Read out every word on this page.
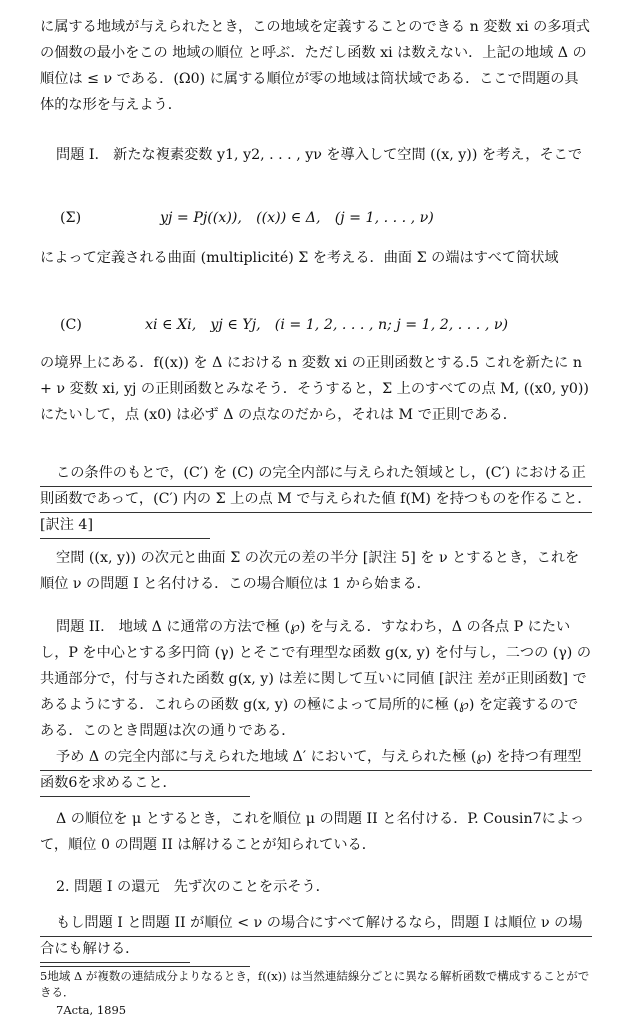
に属する地域が与えられたとき，この地域を定義することのできる n 変数 xi の多項式の個数の最小をこの 地域の順位 と呼ぶ．ただし函数 xi は数えない．上記の地域 Δ の順位は ≤ ν である．(Ω0) に属する順位が零の地域は筒状域である．ここで問題の具体的な形を与えよう．

問題 I.　新たな複素変数 y1, y2, . . . , yν を導入して空間 ((x, y)) を考え，そこで

(Σ)	yj = Pj((x)),　((x)) ∈ Δ,　(j = 1, . . . , ν)

によって定義される曲面 (multiplicité) Σ を考える．曲面 Σ の端はすべて筒状域

(C)	xi ∈ Xi,　yj ∈ Yj,　(i = 1, 2, . . . , n; j = 1, 2, . . . , ν)

の境界上にある．f((x)) を Δ における n 変数 xi の正則函数とする.5 これを新たに n + ν 変数 xi, yj の正則函数とみなそう．そうすると，Σ 上のすべての点 M, ((x0, y0)) にたいして，点 (x0) は必ず Δ の点なのだから，それは M で正則である．

この条件のもとで，(C′) を (C) の完全内部に与えられた領域とし，(C′) における正則函数であって，(C′) 内の Σ 上の点 M で与えられた値 f(M) を持つものを作ること．[訳注 4]

空間 ((x, y)) の次元と曲面 Σ の次元の差の半分 [訳注 5] を ν とするとき，これを 順位 ν の問題 I と名付ける．この場合順位は 1 から始まる．

問題 II.　地域 Δ に通常の方法で極 (℘) を与える．すなわち，Δ の各点 P にたいし，P を中心とする多円筒 (γ) とそこで有理型な函数 g(x, y) を付与し，二つの (γ) の共通部分で，付与された函数 g(x, y) は差に関して互いに同値 [訳注 差が正則函数] であるようにする．これらの函数 g(x, y) の極によって局所的に極 (℘) を定義するのである．このとき問題は次の通りである．

予め Δ の完全内部に与えられた地域 Δ′ において，与えられた極 (℘) を持つ有理型函数6を求めること．

Δ の順位を μ とするとき，これを順位 μ の問題 II と名付ける．P. Cousin7によって，順位 0 の問題 II は解けることが知られている．

2. 問題 I の還元　先ず次のことを示そう．

もし問題 I と問題 II が順位 < ν の場合にすべて解けるなら，問題 I は順位 ν の場合にも解ける．

5地域 Δ が複数の連結成分よりなるとき，f((x)) は当然連結線分ごとに異なる解析函数で構成することができる．
7Acta, 1895
